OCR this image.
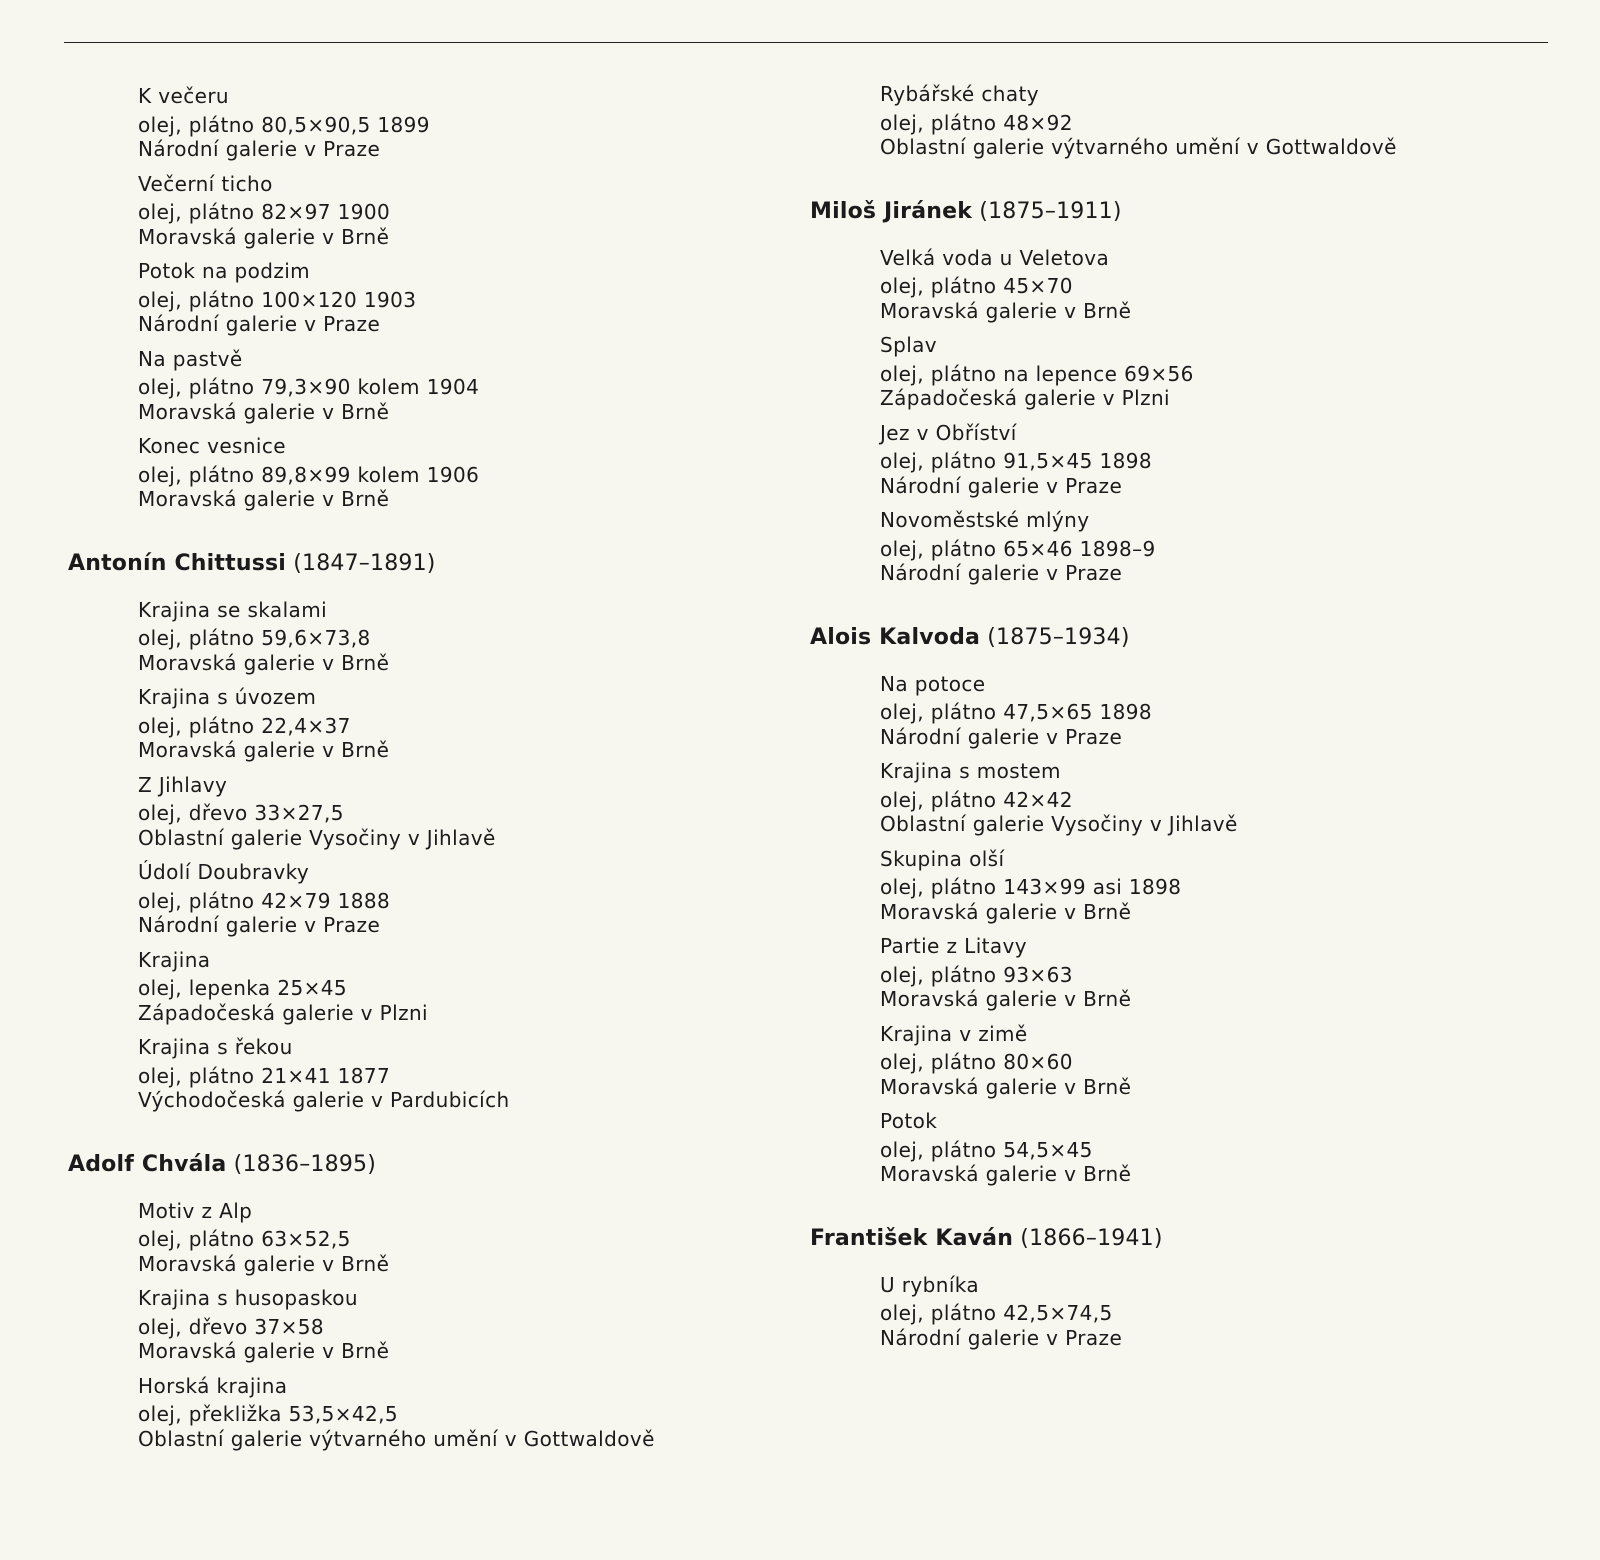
K večeru
olej, plátno 80,5×90,5 1899
Národní galerie v Praze
Večerní ticho
olej, plátno 82×97 1900
Moravská galerie v Brně
Potok na podzim
olej, plátno 100×120 1903
Národní galerie v Praze
Na pastvě
olej, plátno 79,3×90 kolem 1904
Moravská galerie v Brně
Konec vesnice
olej, plátno 89,8×99 kolem 1906
Moravská galerie v Brně
Antonín Chittussi (1847–1891)
Krajina se skalami
olej, plátno 59,6×73,8
Moravská galerie v Brně
Krajina s úvozem
olej, plátno 22,4×37
Moravská galerie v Brně
Z Jihlavy
olej, dřevo 33×27,5
Oblastní galerie Vysočiny v Jihlavě
Údolí Doubravky
olej, plátno 42×79 1888
Národní galerie v Praze
Krajina
olej, lepenka 25×45
Západočeská galerie v Plzni
Krajina s řekou
olej, plátno 21×41 1877
Východočeská galerie v Pardubicích
Adolf Chvála (1836–1895)
Motiv z Alp
olej, plátno 63×52,5
Moravská galerie v Brně
Krajina s husopaskou
olej, dřevo 37×58
Moravská galerie v Brně
Horská krajina
olej, překližka 53,5×42,5
Oblastní galerie výtvarného umění v Gottwaldově
Rybářské chaty
olej, plátno 48×92
Oblastní galerie výtvarného umění v Gottwaldově
Miloš Jiránek (1875–1911)
Velká voda u Veletova
olej, plátno 45×70
Moravská galerie v Brně
Splav
olej, plátno na lepence 69×56
Západočeská galerie v Plzni
Jez v Obříství
olej, plátno 91,5×45 1898
Národní galerie v Praze
Novoměstské mlýny
olej, plátno 65×46 1898–9
Národní galerie v Praze
Alois Kalvoda (1875–1934)
Na potoce
olej, plátno 47,5×65 1898
Národní galerie v Praze
Krajina s mostem
olej, plátno 42×42
Oblastní galerie Vysočiny v Jihlavě
Skupina olší
olej, plátno 143×99 asi 1898
Moravská galerie v Brně
Partie z Litavy
olej, plátno 93×63
Moravská galerie v Brně
Krajina v zimě
olej, plátno 80×60
Moravská galerie v Brně
Potok
olej, plátno 54,5×45
Moravská galerie v Brně
František Kaván (1866–1941)
U rybníka
olej, plátno 42,5×74,5
Národní galerie v Praze
